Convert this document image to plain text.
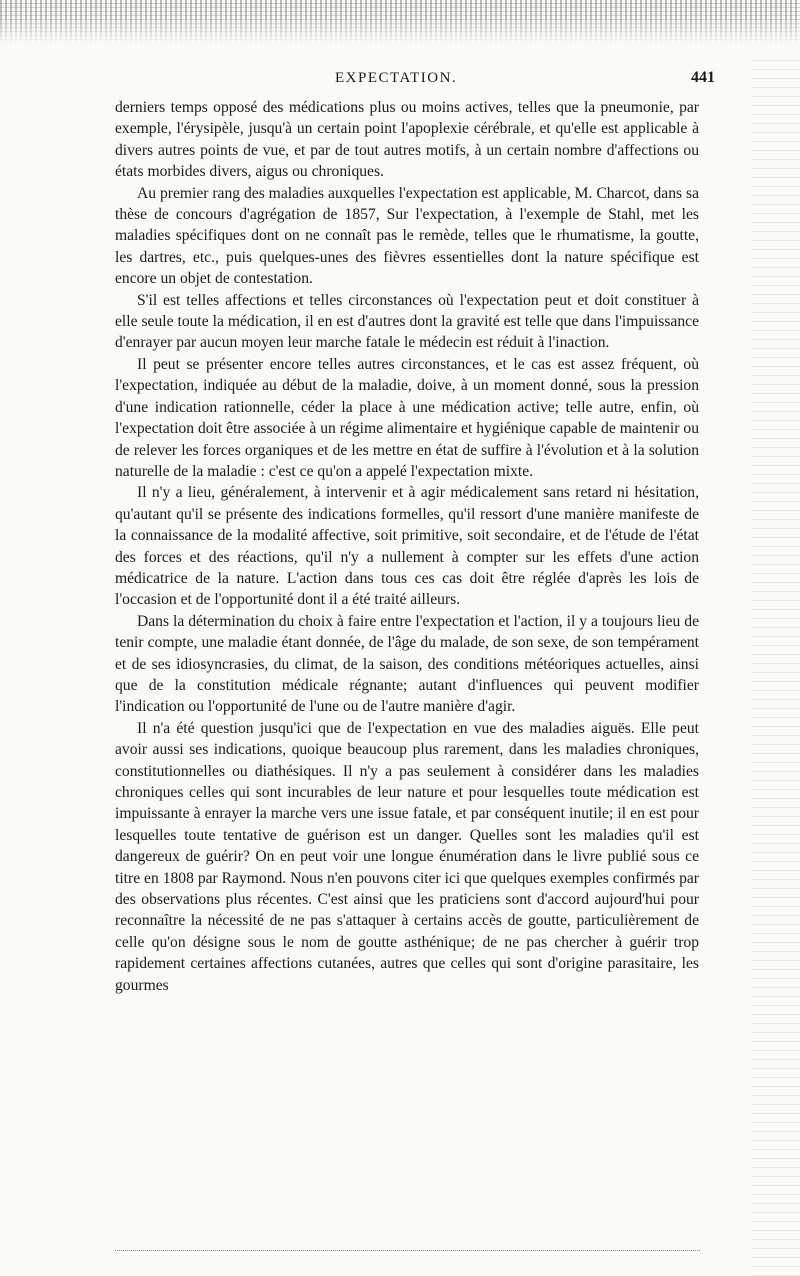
EXPECTATION.	441

derniers temps opposé des médications plus ou moins actives, telles que la pneumonie, par exemple, l'érysipèle, jusqu'à un certain point l'apoplexie cérébrale, et qu'elle est applicable à divers autres points de vue, et par de tout autres motifs, à un certain nombre d'affections ou états morbides divers, aigus ou chroniques.

Au premier rang des maladies auxquelles l'expectation est applicable, M. Charcot, dans sa thèse de concours d'agrégation de 1857, Sur l'expectation, à l'exemple de Stahl, met les maladies spécifiques dont on ne connaît pas le remède, telles que le rhumatisme, la goutte, les dartres, etc., puis quelques-unes des fièvres essentielles dont la nature spécifique est encore un objet de contestation.

S'il est telles affections et telles circonstances où l'expectation peut et doit constituer à elle seule toute la médication, il en est d'autres dont la gravité est telle que dans l'impuissance d'enrayer par aucun moyen leur marche fatale le médecin est réduit à l'inaction.

Il peut se présenter encore telles autres circonstances, et le cas est assez fréquent, où l'expectation, indiquée au début de la maladie, doive, à un moment donné, sous la pression d'une indication rationnelle, céder la place à une médication active; telle autre, enfin, où l'expectation doit être associée à un régime alimentaire et hygiénique capable de maintenir ou de relever les forces organiques et de les mettre en état de suffire à l'évolution et à la solution naturelle de la maladie : c'est ce qu'on a appelé l'expectation mixte.

Il n'y a lieu, généralement, à intervenir et à agir médicalement sans retard ni hésitation, qu'autant qu'il se présente des indications formelles, qu'il ressort d'une manière manifeste de la connaissance de la modalité affective, soit primitive, soit secondaire, et de l'étude de l'état des forces et des réactions, qu'il n'y a nullement à compter sur les effets d'une action médicatrice de la nature. L'action dans tous ces cas doit être réglée d'après les lois de l'occasion et de l'opportunité dont il a été traité ailleurs.

Dans la détermination du choix à faire entre l'expectation et l'action, il y a toujours lieu de tenir compte, une maladie étant donnée, de l'âge du malade, de son sexe, de son tempérament et de ses idiosyncrasies, du climat, de la saison, des conditions météoriques actuelles, ainsi que de la constitution médicale régnante; autant d'influences qui peuvent modifier l'indication ou l'opportunité de l'une ou de l'autre manière d'agir.

Il n'a été question jusqu'ici que de l'expectation en vue des maladies aiguës. Elle peut avoir aussi ses indications, quoique beaucoup plus rarement, dans les maladies chroniques, constitutionnelles ou diathésiques. Il n'y a pas seulement à considérer dans les maladies chroniques celles qui sont incurables de leur nature et pour lesquelles toute médication est impuissante à enrayer la marche vers une issue fatale, et par conséquent inutile; il en est pour lesquelles toute tentative de guérison est un danger. Quelles sont les maladies qu'il est dangereux de guérir? On en peut voir une longue énumération dans le livre publié sous ce titre en 1808 par Raymond. Nous n'en pouvons citer ici que quelques exemples confirmés par des observations plus récentes. C'est ainsi que les praticiens sont d'accord aujourd'hui pour reconnaître la nécessité de ne pas s'attaquer à certains accès de goutte, particulièrement de celle qu'on désigne sous le nom de goutte asthénique; de ne pas chercher à guérir trop rapidement certaines affections cutanées, autres que celles qui sont d'origine parasitaire, les gourmes
